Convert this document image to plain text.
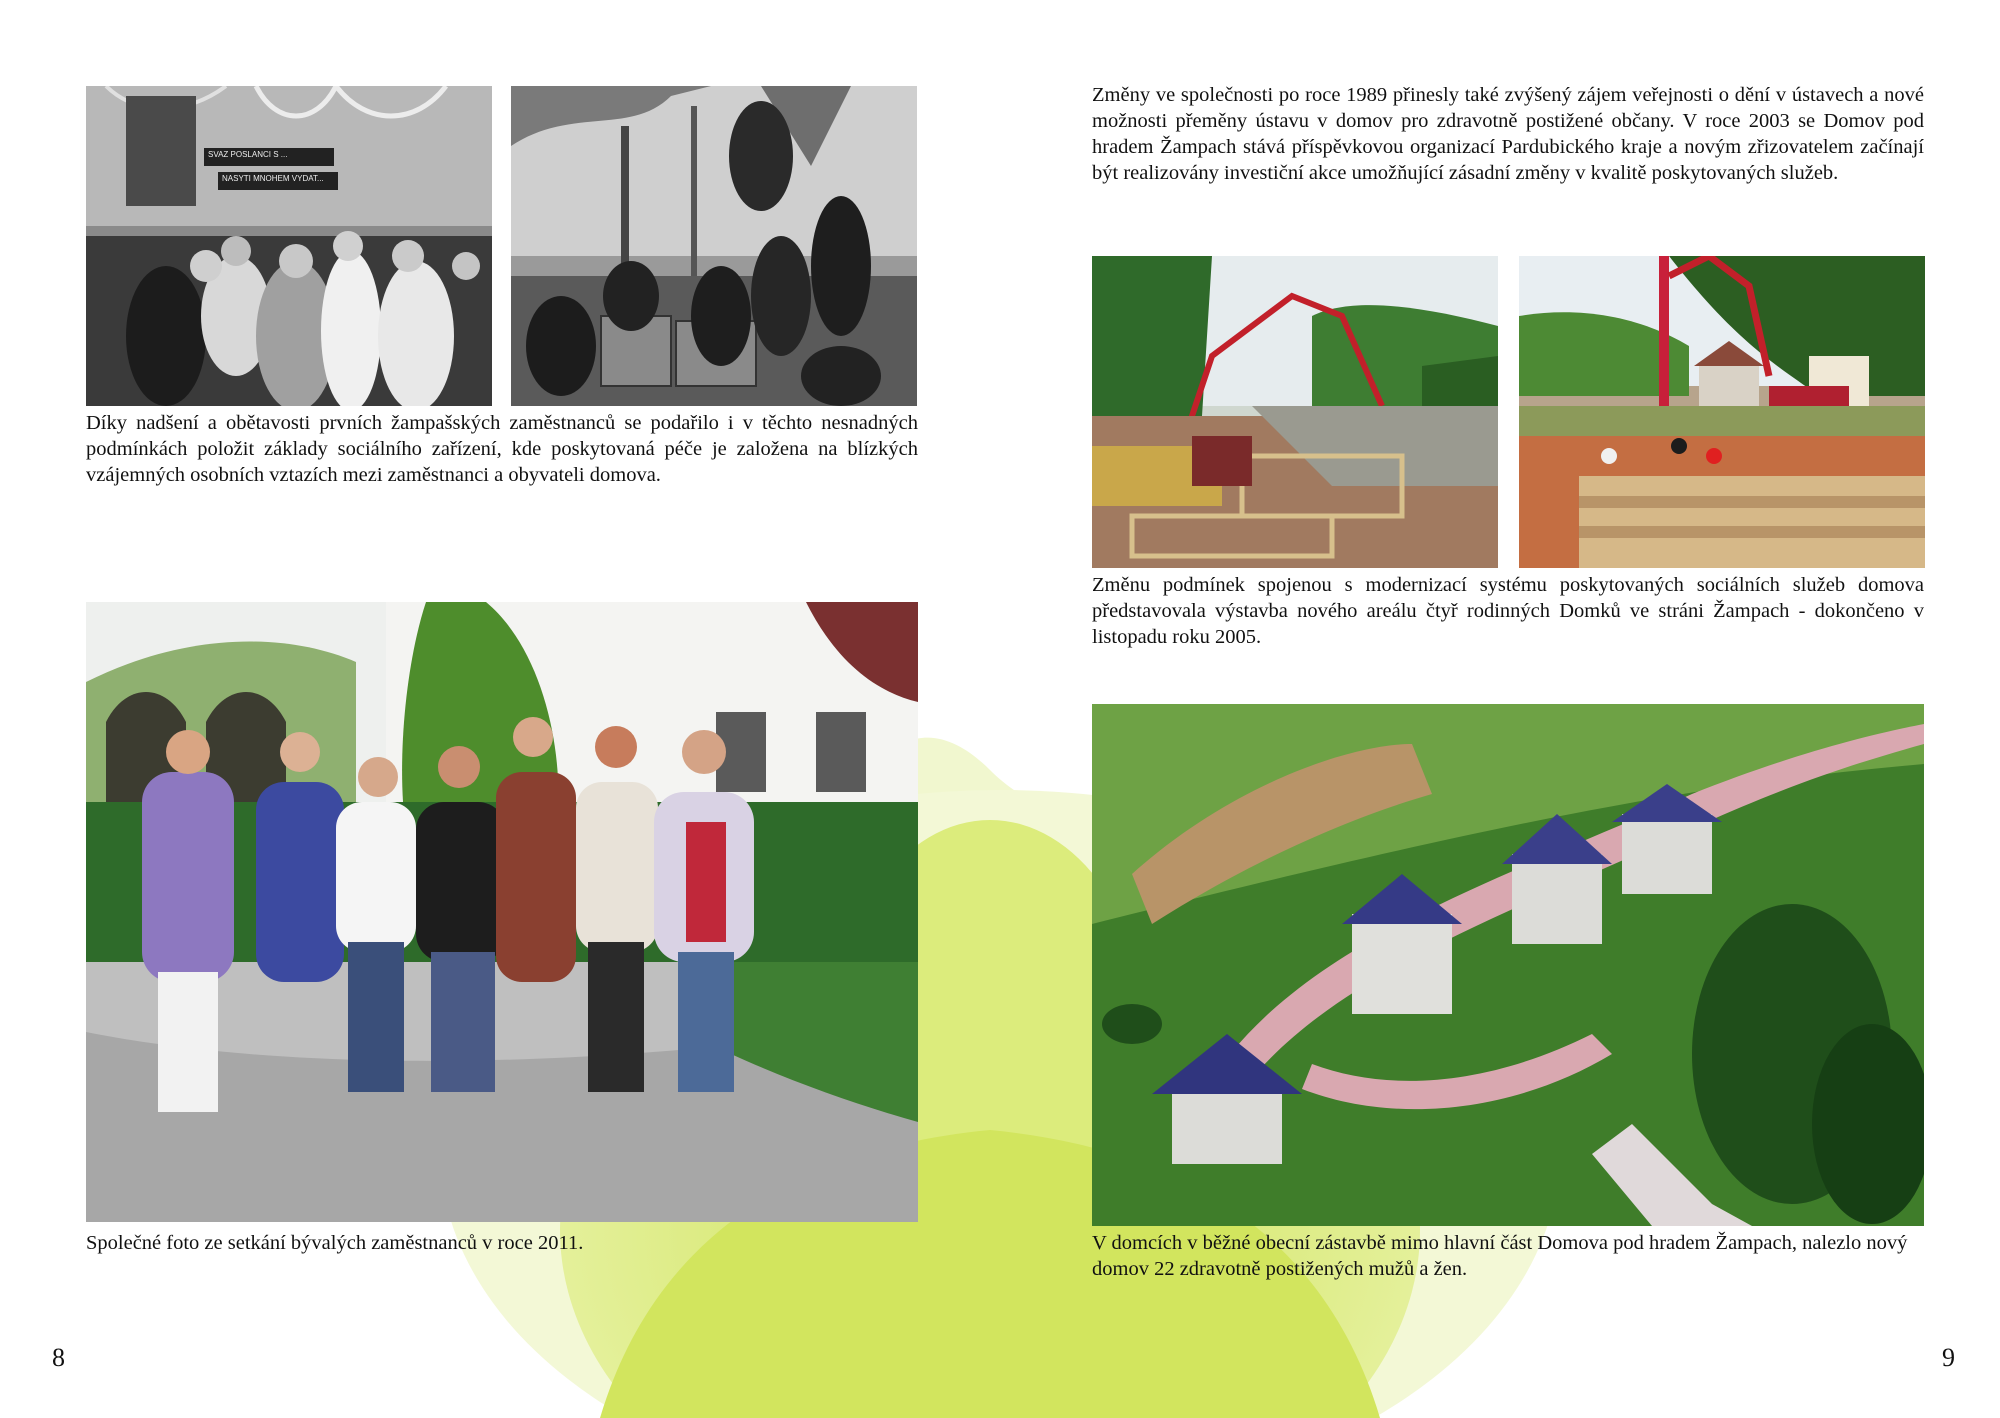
SVAZ POSLANCI S ...
NASYTI MNOHEM VYDAT...

Díky nadšení a obětavosti prvních žampašských zaměstnanců se podařilo i v těchto nesnadných podmínkách položit základy sociálního zařízení, kde poskytovaná péče je založena na blízkých vzájemných osobních vztazích mezi zaměstnanci a obyvateli domova.

Společné foto ze setkání bývalých zaměstnanců v roce 2011.

8

Změny ve společnosti po roce 1989 přinesly také zvýšený zájem veřejnosti o dění v ústavech a nové možnosti přeměny ústavu v domov pro zdravotně postižené občany. V roce 2003 se Domov pod hradem Žampach stává příspěvkovou organizací Pardubického kraje a novým zřizovatelem začínají být realizovány investiční akce umožňující zásadní změny v kvalitě poskytovaných služeb.

Změnu podmínek spojenou s modernizací systému poskytovaných sociálních služeb domova představovala výstavba nového areálu čtyř rodinných Domků ve stráni Žampach - dokončeno v listopadu roku 2005.

V domcích v běžné obecní zástavbě mimo hlavní část Domova pod hradem Žampach, nalezlo nový domov 22 zdravotně postižených mužů a žen.

9
